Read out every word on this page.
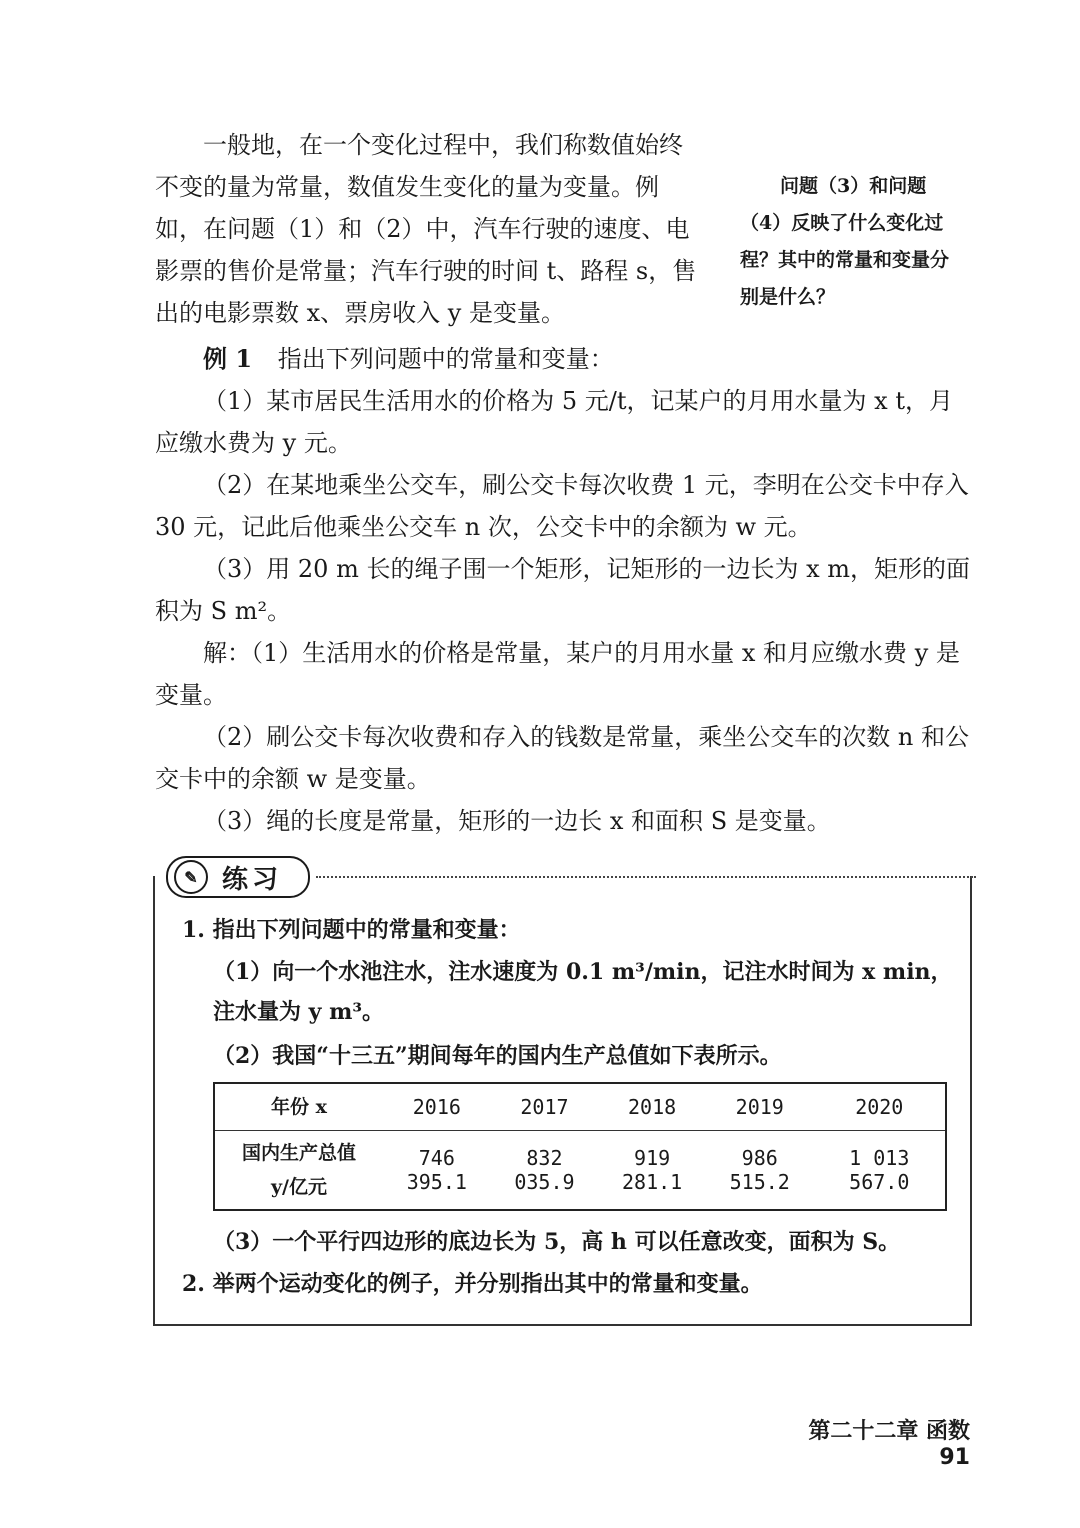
一般地，在一个变化过程中，我们称数值始终不变的量为常量，数值发生变化的量为变量。例如，在问题（1）和（2）中，汽车行驶的速度、电影票的售价是常量；汽车行驶的时间 t、路程 s，售出的电影票数 x、票房收入 y 是变量。

问题（3）和问题（4）反映了什么变化过程？其中的常量和变量分别是什么？

例 1 指出下列问题中的常量和变量：

（1）某市居民生活用水的价格为 5 元/t，记某户的月用水量为 x t，月应缴水费为 y 元。

（2）在某地乘坐公交车，刷公交卡每次收费 1 元，李明在公交卡中存入 30 元，记此后他乘坐公交车 n 次，公交卡中的余额为 w 元。

（3）用 20 m 长的绳子围一个矩形，记矩形的一边长为 x m，矩形的面积为 S m²。

解：（1）生活用水的价格是常量，某户的月用水量 x 和月应缴水费 y 是变量。

（2）刷公交卡每次收费和存入的钱数是常量，乘坐公交车的次数 n 和公交卡中的余额 w 是变量。

（3）绳的长度是常量，矩形的一边长 x 和面积 S 是变量。

✎ 练习

1. 指出下列问题中的常量和变量：

（1）向一个水池注水，注水速度为 0.1 m³/min，记注水时间为 x min，注水量为 y m³。

（2）我国“十三五”期间每年的国内生产总值如下表所示。

年份 x	2016	2017	2018	2019	2020

国内生产总值
y/亿元	746 395.1	832 035.9	919 281.1	986 515.2	1 013 567.0

（3）一个平行四边形的底边长为 5，高 h 可以任意改变，面积为 S。

2. 举两个运动变化的例子，并分别指出其中的常量和变量。

第二十二章 函数91
